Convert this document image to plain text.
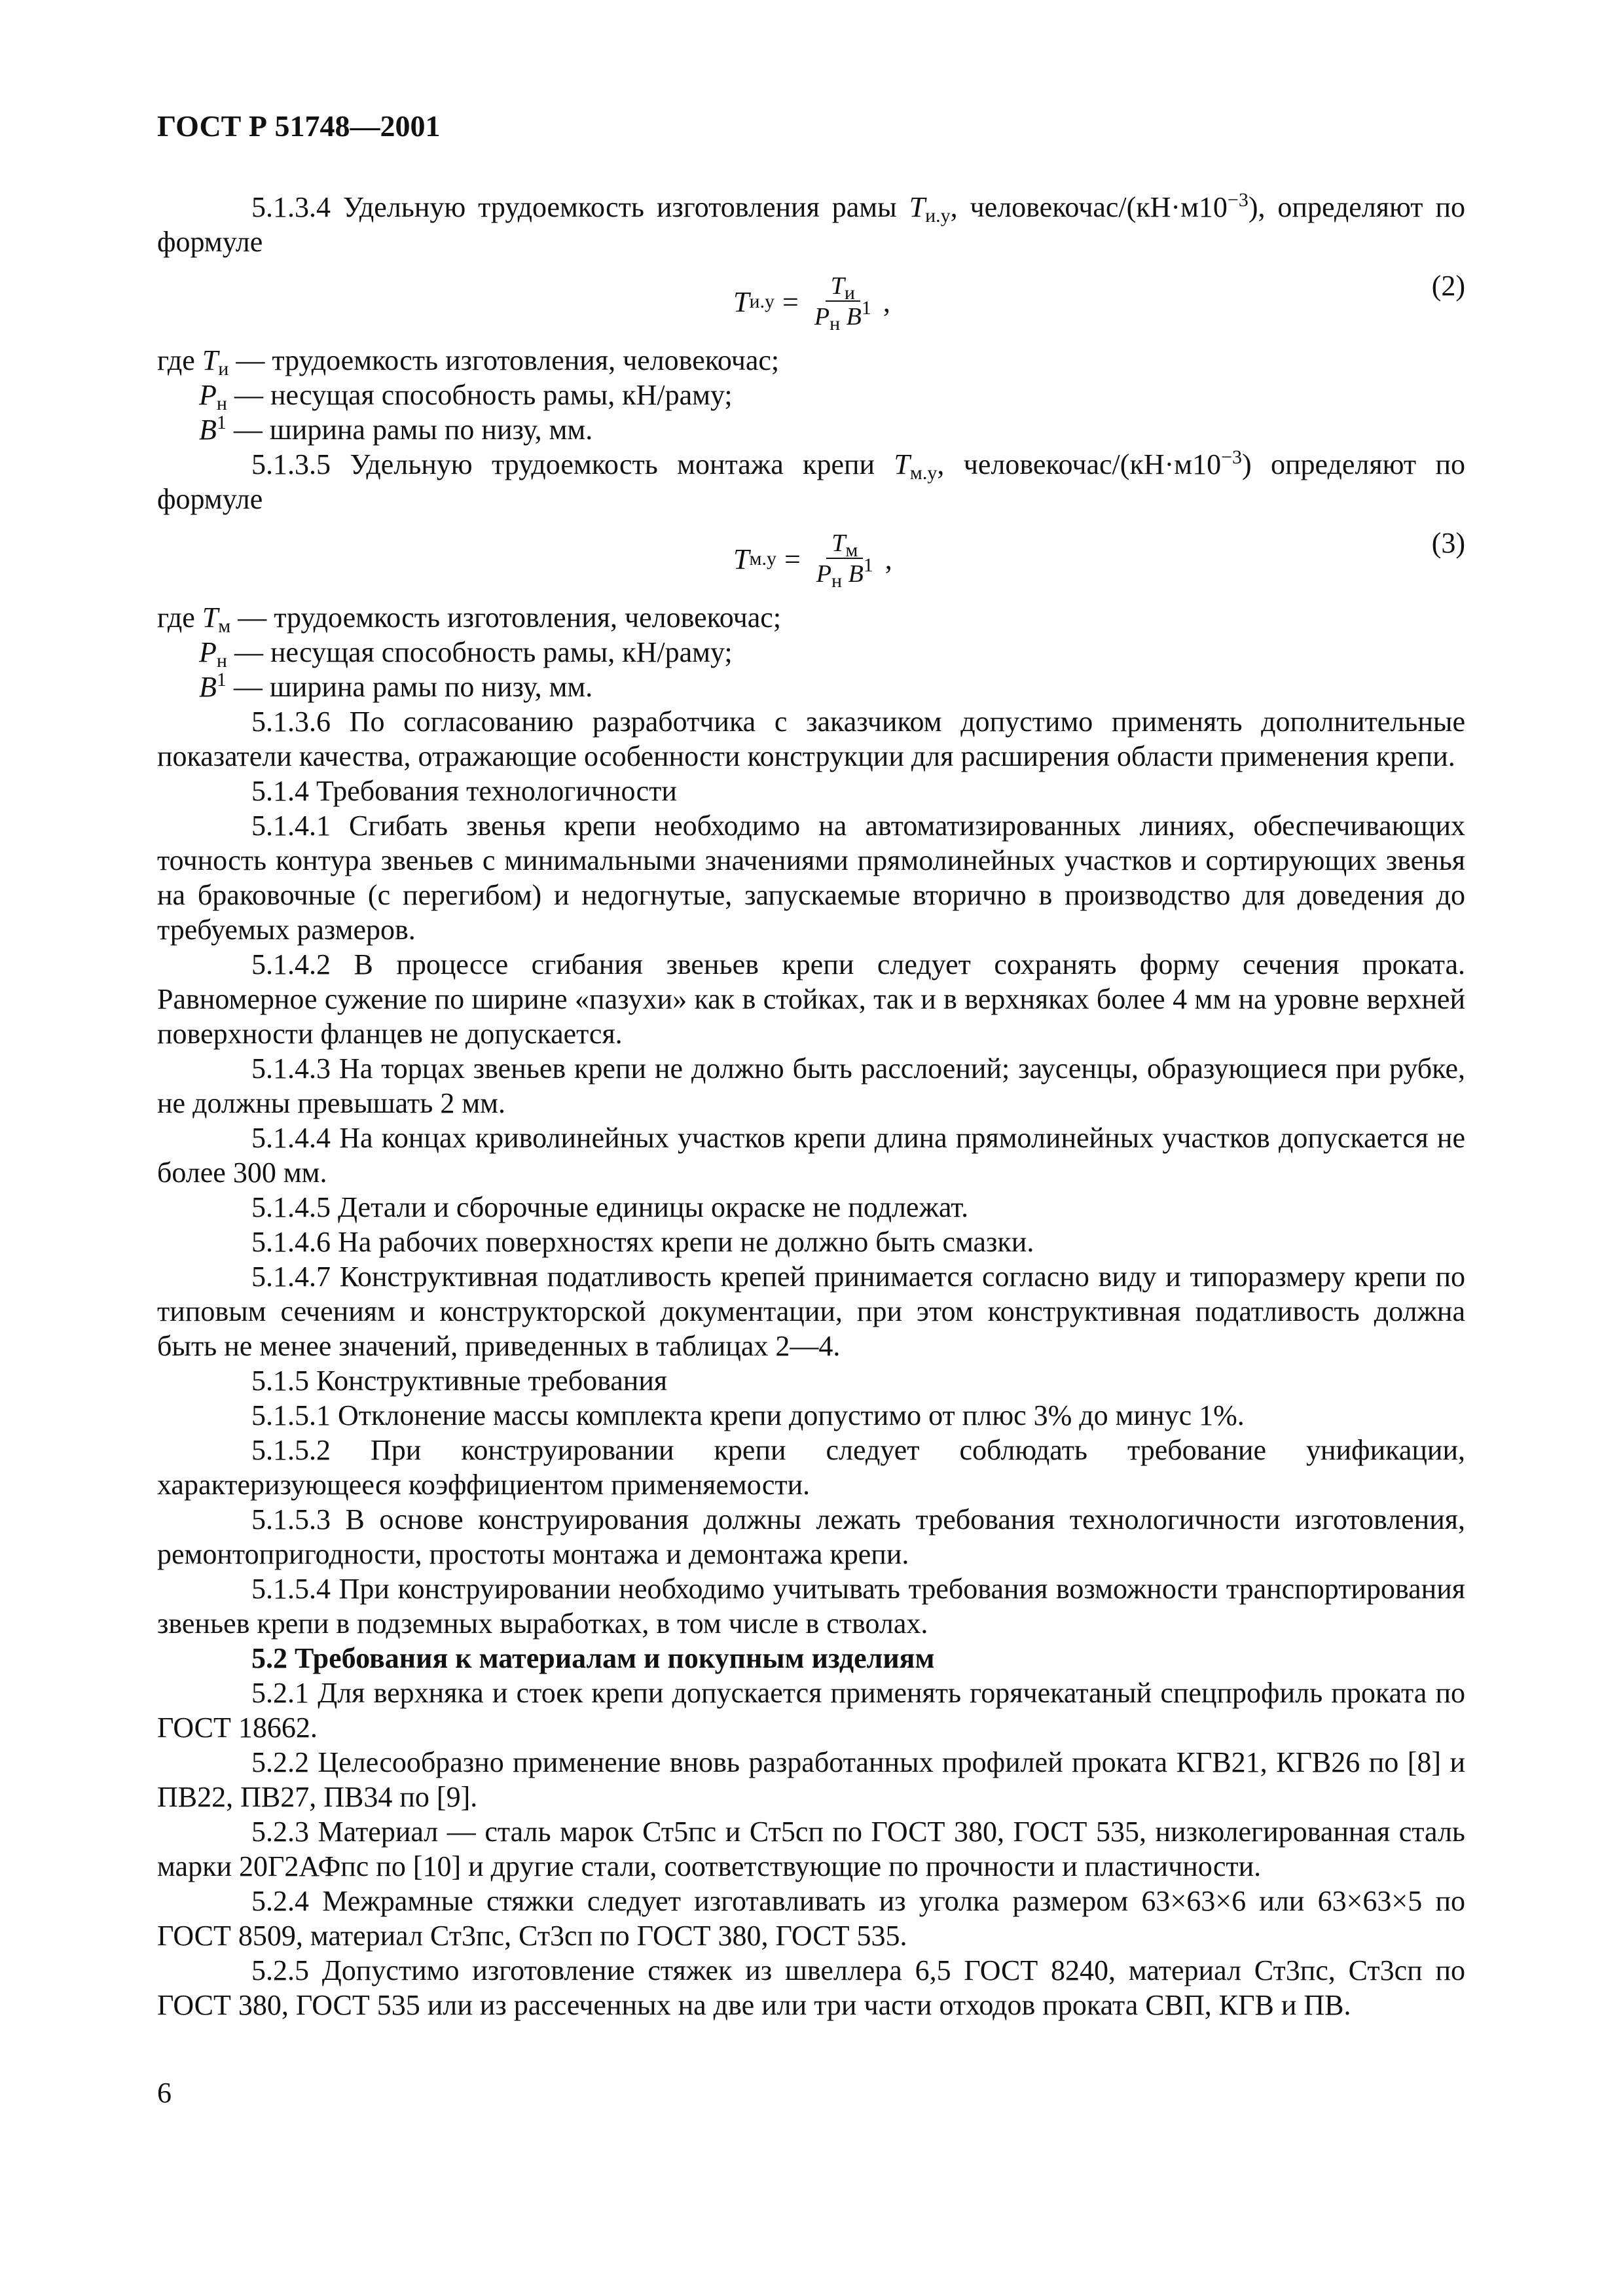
ГОСТ Р 51748—2001

5.1.3.4 Удельную трудоемкость изготовления рамы $Т_{и.у}$, человекочас/$(кН\cdot м10^{-3})$, определяют по формуле

Т $и.у = \frac{Т_и}{Р_н В^1}$ ,	(2)

где $Т_и$ — трудоемкость изготовления, человекочас;

$Р_н$ — несущая способность рамы, кН/раму;

$В^1$ — ширина рамы по низу, мм.

5.1.3.5 Удельную трудоемкость монтажа крепи $Т_{м.у}$, человекочас/$(кН\cdot м10^{-3})$ определяют по формуле

Т $м.у = \frac{Т_м}{Р_н В^1}$ ,	(3)

где $Т_м$ — трудоемкость изготовления, человекочас;

$Р_н$ — несущая способность рамы, кН/раму;

$В^1$ — ширина рамы по низу, мм.

5.1.3.6 По согласованию разработчика с заказчиком допустимо применять дополнительные показатели качества, отражающие особенности конструкции для расширения области применения крепи.

5.1.4 Требования технологичности

5.1.4.1 Сгибать звенья крепи необходимо на автоматизированных линиях, обеспечивающих точность контура звеньев с минимальными значениями прямолинейных участков и сортирующих звенья на браковочные (с перегибом) и недогнутые, запускаемые вторично в производство для доведения до требуемых размеров.

5.1.4.2 В процессе сгибания звеньев крепи следует сохранять форму сечения проката. Равномерное сужение по ширине «пазухи» как в стойках, так и в верхняках более 4 мм на уровне верхней поверхности фланцев не допускается.

5.1.4.3 На торцах звеньев крепи не должно быть расслоений; заусенцы, образующиеся при рубке, не должны превышать 2 мм.

5.1.4.4 На концах криволинейных участков крепи длина прямолинейных участков допускается не более 300 мм.

5.1.4.5 Детали и сборочные единицы окраске не подлежат.

5.1.4.6 На рабочих поверхностях крепи не должно быть смазки.

5.1.4.7 Конструктивная податливость крепей принимается согласно виду и типоразмеру крепи по типовым сечениям и конструкторской документации, при этом конструктивная податливость должна быть не менее значений, приведенных в таблицах 2—4.

5.1.5 Конструктивные требования

5.1.5.1 Отклонение массы комплекта крепи допустимо от плюс 3% до минус 1%.

5.1.5.2 При конструировании крепи следует соблюдать требование унификации, характеризующееся коэффициентом применяемости.

5.1.5.3 В основе конструирования должны лежать требования технологичности изготовления, ремонтопригодности, простоты монтажа и демонтажа крепи.

5.1.5.4 При конструировании необходимо учитывать требования возможности транспортирования звеньев крепи в подземных выработках, в том числе в стволах.

5.2 Требования к материалам и покупным изделиям

5.2.1 Для верхняка и стоек крепи допускается применять горячекатаный спецпрофиль проката по ГОСТ 18662.

5.2.2 Целесообразно применение вновь разработанных профилей проката КГВ21, КГВ26 по [8] и ПВ22, ПВ27, ПВ34 по [9].

5.2.3 Материал — сталь марок Ст5пс и Ст5сп по ГОСТ 380, ГОСТ 535, низколегированная сталь марки 20Г2АФпс по [10] и другие стали, соответствующие по прочности и пластичности.

5.2.4 Межрамные стяжки следует изготавливать из уголка размером 63×63×6 или 63×63×5 по ГОСТ 8509, материал Ст3пс, Ст3сп по ГОСТ 380, ГОСТ 535.

5.2.5 Допустимо изготовление стяжек из швеллера 6,5 ГОСТ 8240, материал Ст3пс, Ст3сп по ГОСТ 380, ГОСТ 535 или из рассеченных на две или три части отходов проката СВП, КГВ и ПВ.

6
